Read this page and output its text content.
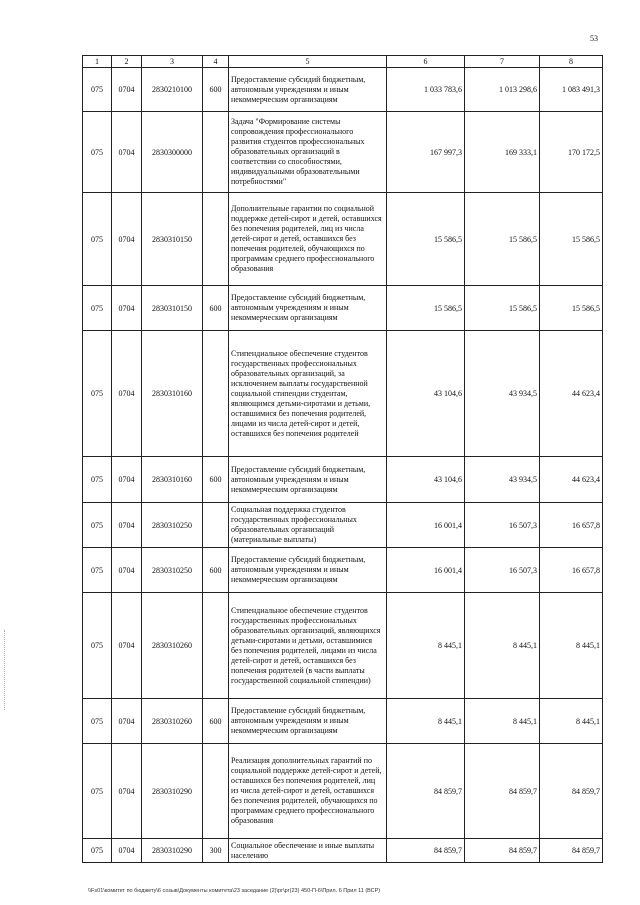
53
1	2	3	4	5	6	7	8
075	0704	2830210100	600	Предоставление субсидий бюджетным, автономным учреждениям и иным некоммерческим организациям	1 033 783,6	1 013 298,6	1 083 491,3
075	0704	2830300000		Задача "Формирование системы сопровождения профессионального развития студентов профессиональных образовательных организаций в соответствии со способностями, индивидуальными образовательными потребностями"	167 997,3	169 333,1	170 172,5
075	0704	2830310150		Дополнительные гарантии по социальной поддержке детей-сирот и детей, оставшихся без попечения родителей, лиц из числа детей-сирот и детей, оставшихся без попечения родителей, обучающихся по программам среднего профессионального образования	15 586,5	15 586,5	15 586,5
075	0704	2830310150	600	Предоставление субсидий бюджетным, автономным учреждениям и иным некоммерческим организациям	15 586,5	15 586,5	15 586,5
075	0704	2830310160		Стипендиальное обеспечение студентов государственных профессиональных образовательных организаций, за исключением выплаты государственной социальной стипендии студентам, являющимся детьми-сиротами и детьми, оставшимися без попечения родителей, лицами из числа детей-сирот и детей, оставшихся без попечения родителей	43 104,6	43 934,5	44 623,4
075	0704	2830310160	600	Предоставление субсидий бюджетным, автономным учреждениям и иным некоммерческим организациям	43 104,6	43 934,5	44 623,4
075	0704	2830310250		Социальная поддержка студентов государственных профессиональных образовательных организаций (материальные выплаты)	16 001,4	16 507,3	16 657,8
075	0704	2830310250	600	Предоставление субсидий бюджетным, автономным учреждениям и иным некоммерческим организациям	16 001,4	16 507,3	16 657,8
075	0704	2830310260		Стипендиальное обеспечение студентов государственных профессиональных образовательных организаций, являющихся детьми-сиротами и детьми, оставшимися без попечения родителей, лицами из числа детей-сирот и детей, оставшихся без попечения родителей (в части выплаты государственной социальной стипендии)	8 445,1	8 445,1	8 445,1
075	0704	2830310260	600	Предоставление субсидий бюджетным, автономным учреждениям и иным некоммерческим организациям	8 445,1	8 445,1	8 445,1
075	0704	2830310290		Реализация дополнительных гарантий по социальной поддержке детей-сирот и детей, оставшихся без попечения родителей, лиц из числа детей-сирот и детей, оставшихся без попечения родителей, обучающихся по программам среднего профессионального образования	84 859,7	84 859,7	84 859,7
075	0704	2830310290	300	Социальное обеспечение и иные выплаты населению	84 859,7	84 859,7	84 859,7
\\Fs01\комитет по бюджету\6 созыв\Документы комитета\23 заседание (2)\рг\рг(23) 450-П-6\Прил. 6 Прил 11 (ВСР)
